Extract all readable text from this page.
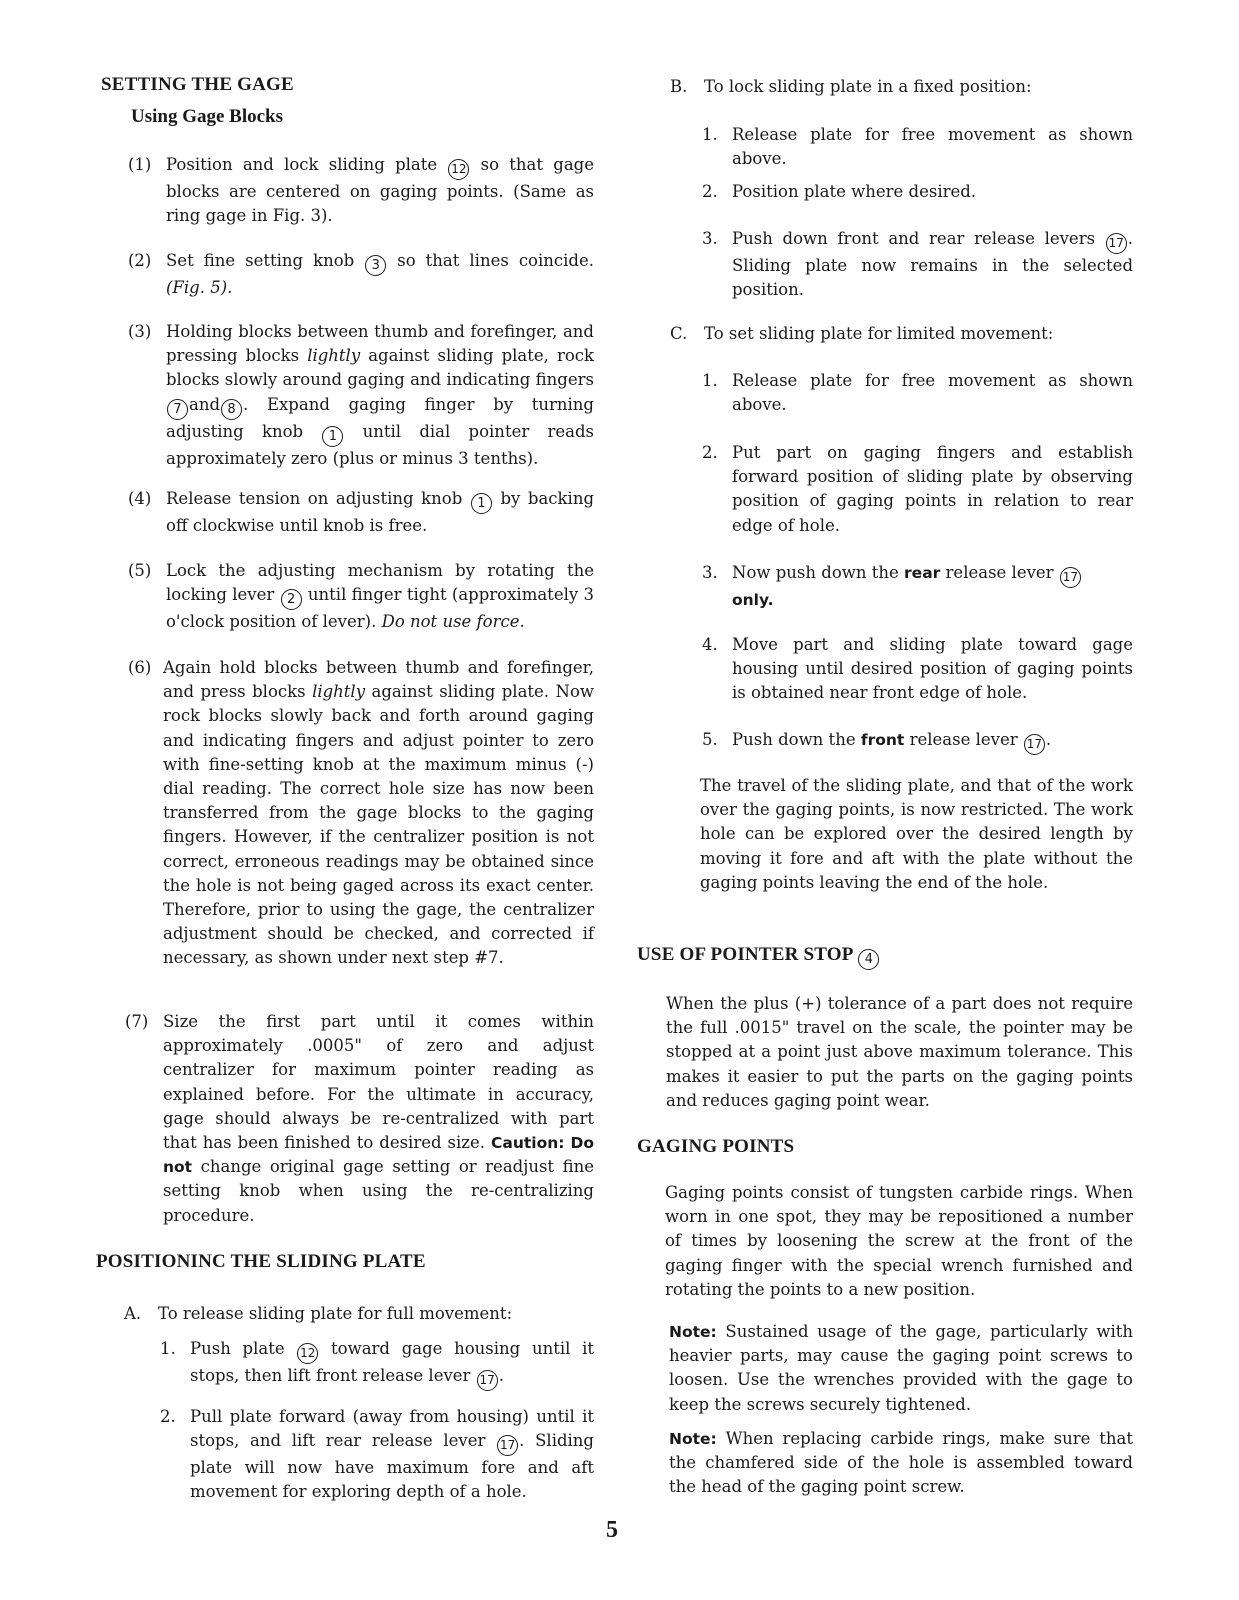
SETTING THE GAGE
Using Gage Blocks
(1) Position and lock sliding plate 12 so that gage blocks are centered on gaging points. (Same as ring gage in Fig. 3).
(2) Set fine setting knob 3 so that lines coincide. (Fig. 5).
(3) Holding blocks between thumb and forefinger, and pressing blocks lightly against sliding plate, rock blocks slowly around gaging and indicating fingers 7 and 8 . Expand gaging finger by turning adjusting knob 1 until dial pointer reads approximately zero (plus or minus 3 tenths).
(4) Release tension on adjusting knob 1 by backing off clockwise until knob is free.
(5) Lock the adjusting mechanism by rotating the locking lever 2 until finger tight (approximately 3 o'clock position of lever). Do not use force.
(6) Again hold blocks between thumb and forefinger, and press blocks lightly against sliding plate. Now rock blocks slowly back and forth around gaging and indicating fingers and adjust pointer to zero with fine-setting knob at the maximum minus (-) dial reading. The correct hole size has now been transferred from the gage blocks to the gaging fingers. However, if the centralizer position is not correct, erroneous readings may be obtained since the hole is not being gaged across its exact center. Therefore, prior to using the gage, the centralizer adjustment should be checked, and corrected if necessary, as shown under next step #7.
(7) Size the first part until it comes within approximately .0005" of zero and adjust centralizer for maximum pointer reading as explained before. For the ultimate in accuracy, gage should always be re-centralized with part that has been finished to desired size. Caution: Do not change original gage setting or readjust fine setting knob when using the re-centralizing procedure.
POSITIONINC THE SLIDING PLATE
A. To release sliding plate for full movement:
1. Push plate 12 toward gage housing until it stops, then lift front release lever 17 .
2. Pull plate forward (away from housing) until it stops, and lift rear release lever 17 . Sliding plate will now have maximum fore and aft movement for exploring depth of a hole.
B. To lock sliding plate in a fixed position:
1. Release plate for free movement as shown above.
2. Position plate where desired.
3. Push down front and rear release levers 17 . Sliding plate now remains in the selected position.
C. To set sliding plate for limited movement:
1. Release plate for free movement as shown above.
2. Put part on gaging fingers and establish forward position of sliding plate by observing position of gaging points in relation to rear edge of hole.
3. Now push down the rear release lever 17
only.
4. Move part and sliding plate toward gage housing until desired position of gaging points is obtained near front edge of hole.
5. Push down the front release lever 17 .
The travel of the sliding plate, and that of the work over the gaging points, is now restricted. The work hole can be explored over the desired length by moving it fore and aft with the plate without the gaging points leaving the end of the hole.
USE OF POINTER STOP 4
When the plus (+) tolerance of a part does not require the full .0015" travel on the scale, the pointer may be stopped at a point just above maximum tolerance. This makes it easier to put the parts on the gaging points and reduces gaging point wear.
GAGING POINTS
Gaging points consist of tungsten carbide rings. When worn in one spot, they may be repositioned a number of times by loosening the screw at the front of the gaging finger with the special wrench furnished and rotating the points to a new position.
Note: Sustained usage of the gage, particularly with heavier parts, may cause the gaging point screws to loosen. Use the wrenches provided with the gage to keep the screws securely tightened.
Note: When replacing carbide rings, make sure that the chamfered side of the hole is assembled toward the head of the gaging point screw.
5
